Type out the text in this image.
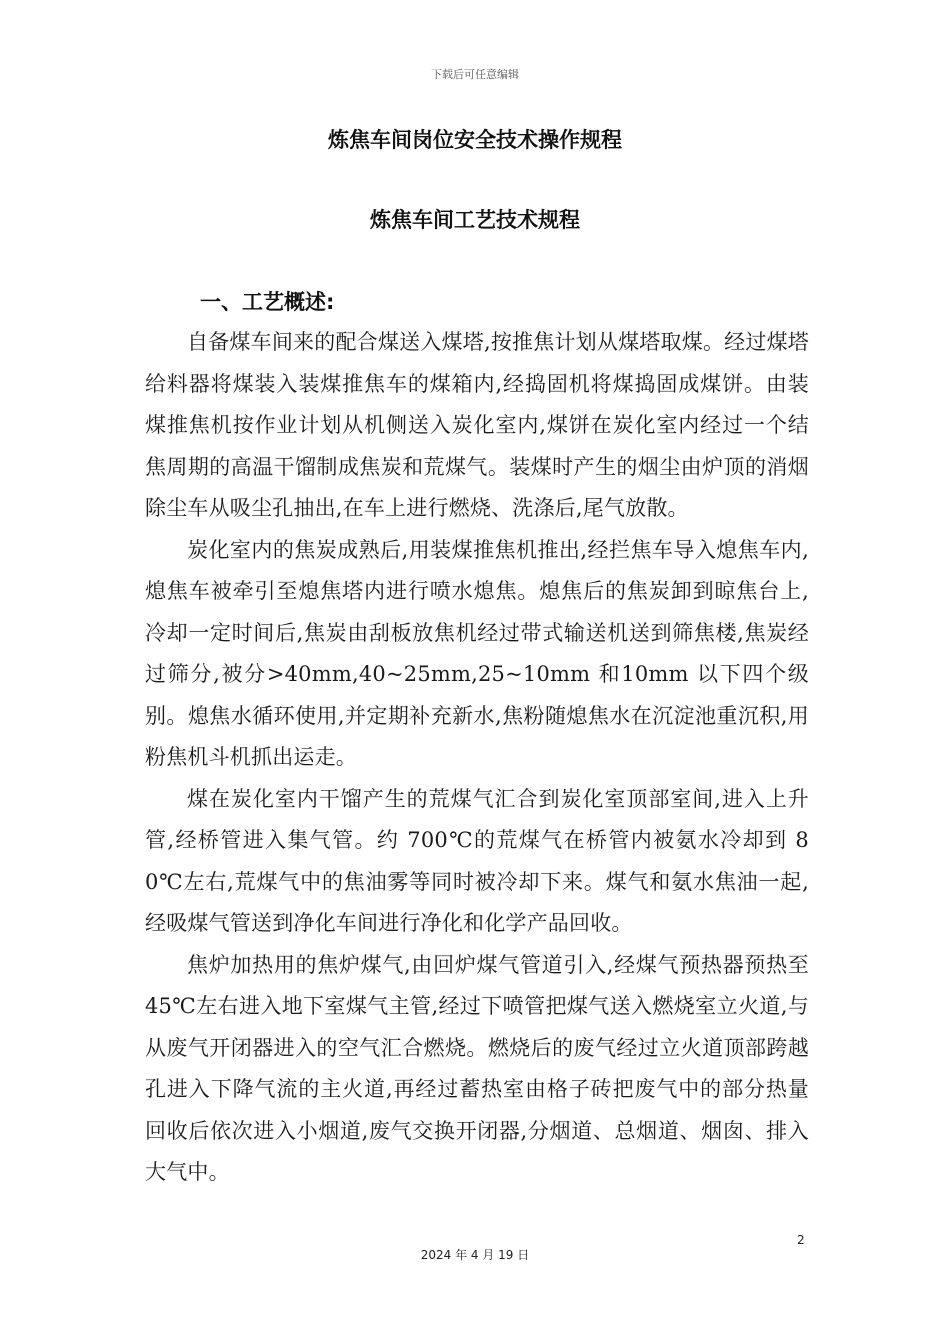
下载后可任意编辑
炼焦车间岗位安全技术操作规程
炼焦车间工艺技术规程
一、工艺概述:

自备煤车间来的配合煤送入煤塔,按推焦计划从煤塔取煤。经过煤塔给料器将煤装入装煤推焦车的煤箱内,经捣固机将煤捣固成煤饼。由装煤推焦机按作业计划从机侧送入炭化室内,煤饼在炭化室内经过一个结焦周期的高温干馏制成焦炭和荒煤气。装煤时产生的烟尘由炉顶的消烟除尘车从吸尘孔抽出,在车上进行燃烧、洗涤后,尾气放散。

炭化室内的焦炭成熟后,用装煤推焦机推出,经拦焦车导入熄焦车内,熄焦车被牵引至熄焦塔内进行喷水熄焦。熄焦后的焦炭卸到晾焦台上,冷却一定时间后,焦炭由刮板放焦机经过带式输送机送到筛焦楼,焦炭经过筛分,被分>40mm,40~25mm,25~10mm 和10mm 以下四个级别。熄焦水循环使用,并定期补充新水,焦粉随熄焦水在沉淀池重沉积,用粉焦机斗机抓出运走。

煤在炭化室内干馏产生的荒煤气汇合到炭化室顶部室间,进入上升管,经桥管进入集气管。约 700℃的荒煤气在桥管内被氨水冷却到 80℃左右,荒煤气中的焦油雾等同时被冷却下来。煤气和氨水焦油一起,经吸煤气管送到净化车间进行净化和化学产品回收。

焦炉加热用的焦炉煤气,由回炉煤气管道引入,经煤气预热器预热至 45℃左右进入地下室煤气主管,经过下喷管把煤气送入燃烧室立火道,与从废气开闭器进入的空气汇合燃烧。燃烧后的废气经过立火道顶部跨越孔进入下降气流的主火道,再经过蓄热室由格子砖把废气中的部分热量回收后依次进入小烟道,废气交换开闭器,分烟道、总烟道、烟囱、排入大气中。

2
2024 年 4 月 19 日
